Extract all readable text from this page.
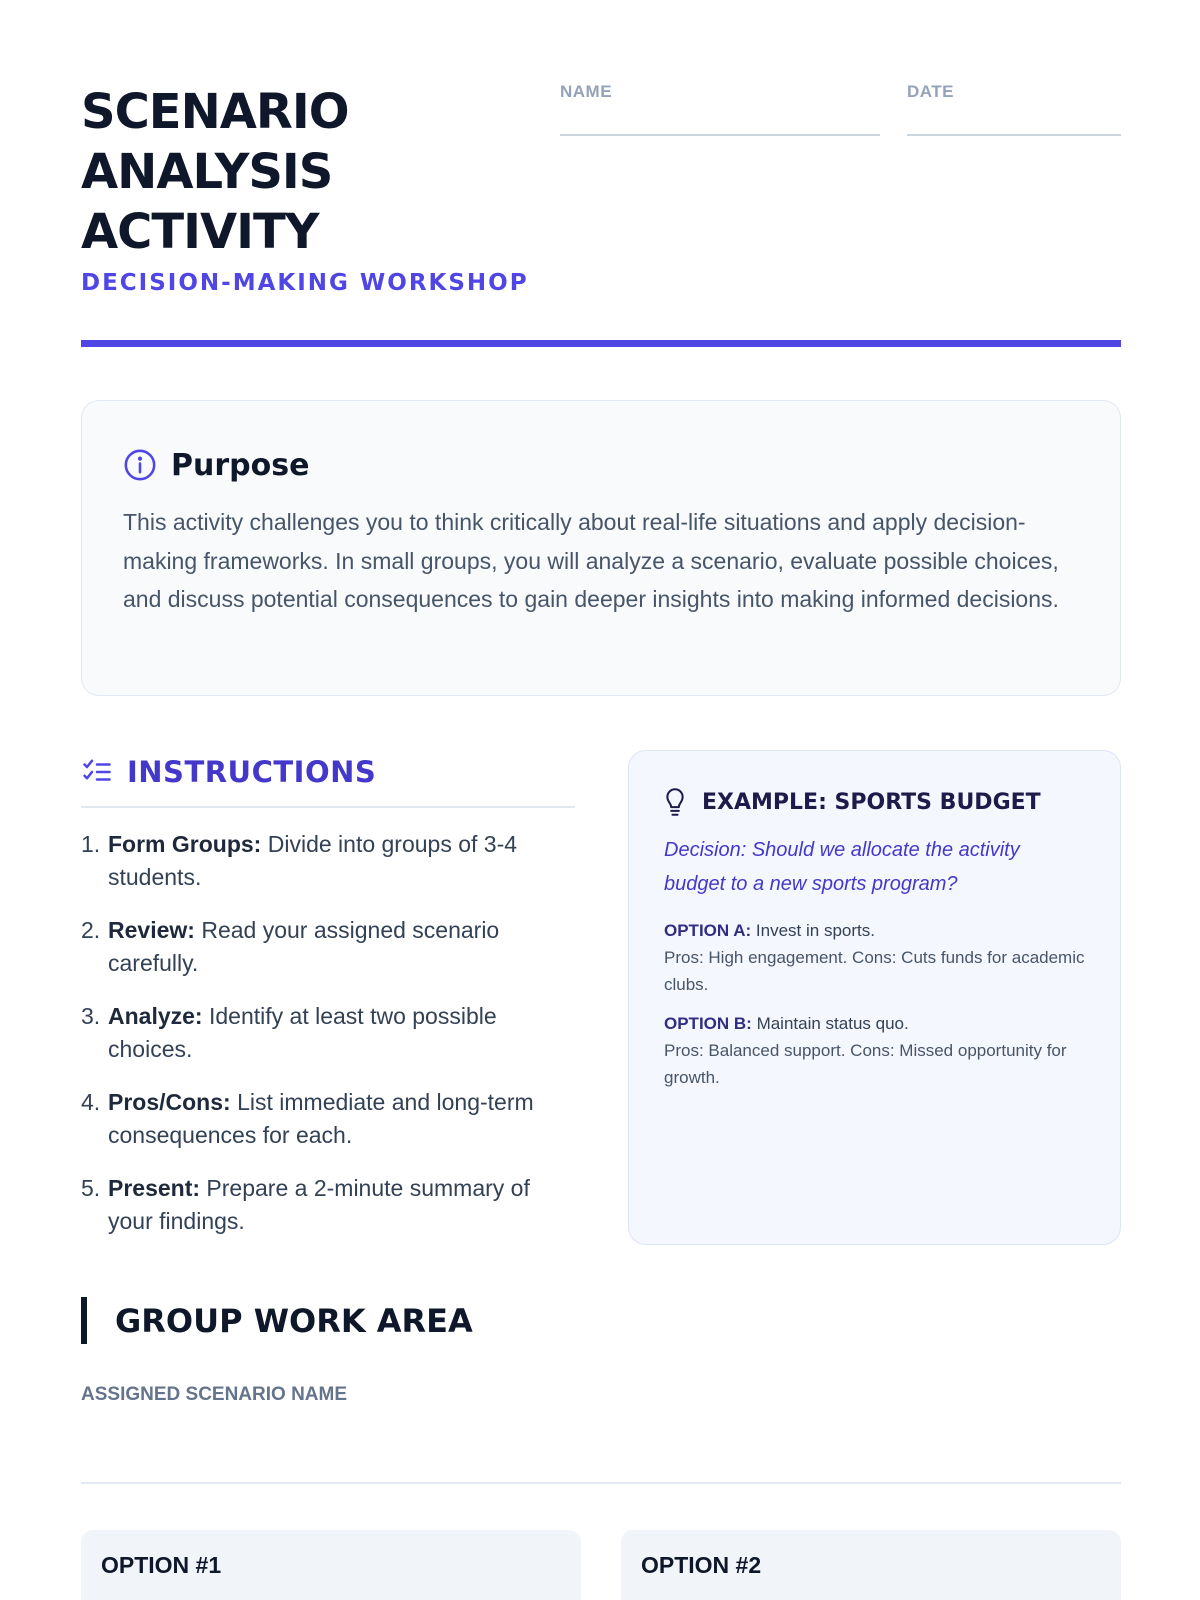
SCENARIO ANALYSIS ACTIVITY
DECISION-MAKING WORKSHOP
NAME	DATE
Purpose

This activity challenges you to think critically about real-life situations and apply decision-making frameworks. In small groups, you will analyze a scenario, evaluate possible choices, and discuss potential consequences to gain deeper insights into making informed decisions.

INSTRUCTIONS
1. Form Groups: Divide into groups of 3-4 students.
2. Review: Read your assigned scenario carefully.
3. Analyze: Identify at least two possible choices.
4. Pros/Cons: List immediate and long-term consequences for each.
5. Present: Prepare a 2-minute summary of your findings.
EXAMPLE: SPORTS BUDGET

Decision: Should we allocate the activity budget to a new sports program?

OPTION A: Invest in sports.
Pros: High engagement. Cons: Cuts funds for academic clubs.
OPTION B: Maintain status quo.
Pros: Balanced support. Cons: Missed opportunity for growth.
GROUP WORK AREA
ASSIGNED SCENARIO NAME
OPTION #1	OPTION #2
